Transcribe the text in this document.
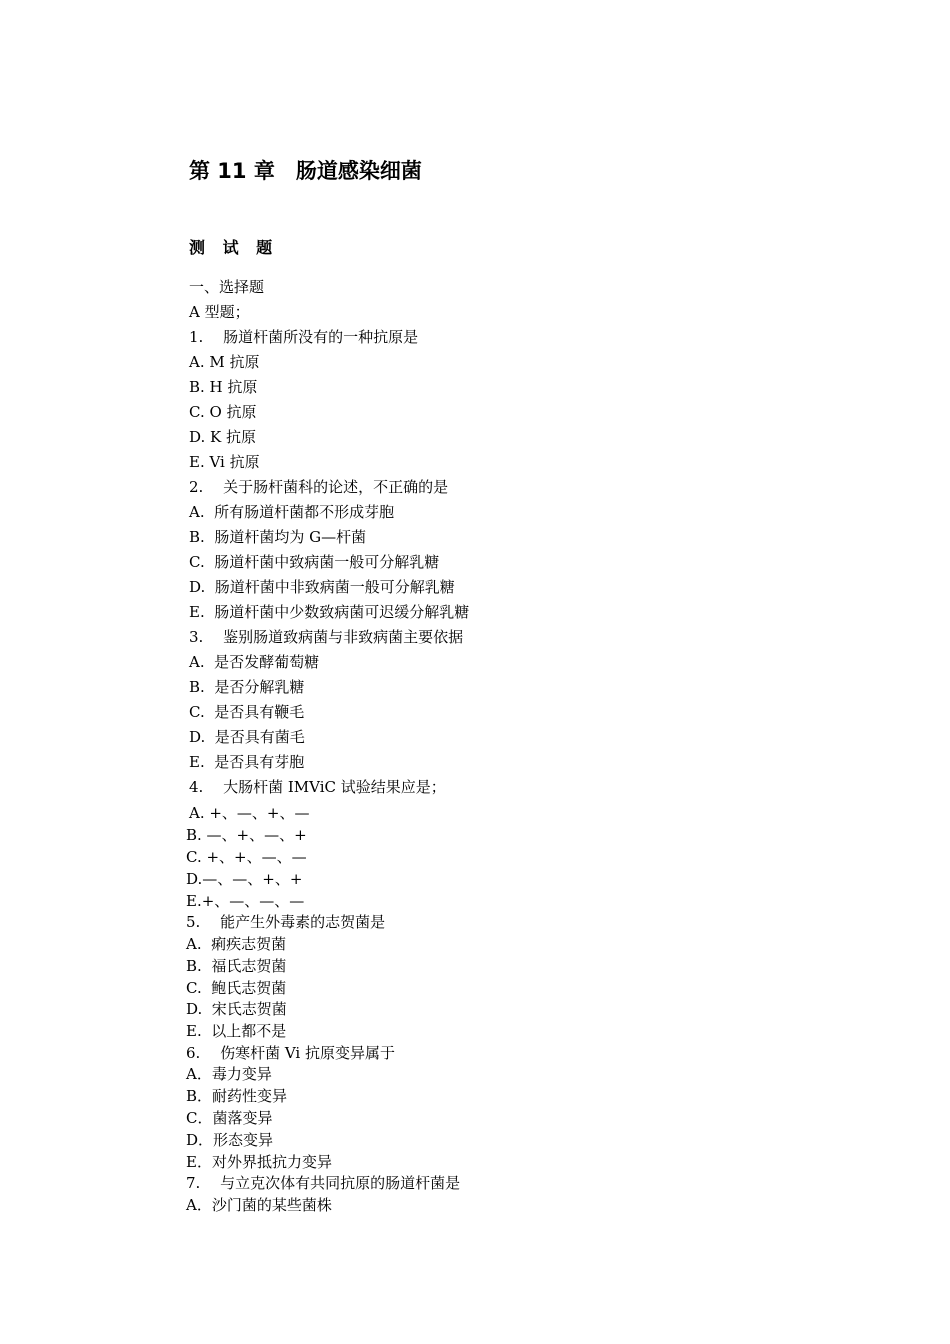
第 11 章　肠道感染细菌
测 试 题
一、选择题
A 型题；
1.　 肠道杆菌所没有的一种抗原是
A. M 抗原
B. H 抗原
C. O 抗原
D. K 抗原
E. Vi 抗原
2.　 关于肠杆菌科的论述，不正确的是
A.  所有肠道杆菌都不形成芽胞
B.  肠道杆菌均为 G—杆菌
C.  肠道杆菌中致病菌一般可分解乳糖
D.  肠道杆菌中非致病菌一般可分解乳糖
E.  肠道杆菌中少数致病菌可迟缓分解乳糖
3.　 鉴别肠道致病菌与非致病菌主要依据
A.  是否发酵葡萄糖
B.  是否分解乳糖
C.  是否具有鞭毛
D.  是否具有菌毛
E.  是否具有芽胞
4.　 大肠杆菌 IMViC 试验结果应是；
A. +、—、+、—
B. —、+、—、+
C. +、+、—、—
D.—、—、+、+
E.+、—、—、—
5.　 能产生外毒素的志贺菌是
A.  痢疾志贺菌
B.  福氏志贺菌
C.  鲍氏志贺菌
D.  宋氏志贺菌
E.  以上都不是
6.　 伤寒杆菌 Vi 抗原变异属于
A．毒力变异
B．耐药性变异
C．菌落变异
D．形态变异
E．对外界抵抗力变异
7.　 与立克次体有共同抗原的肠道杆菌是
A．沙门菌的某些菌株
